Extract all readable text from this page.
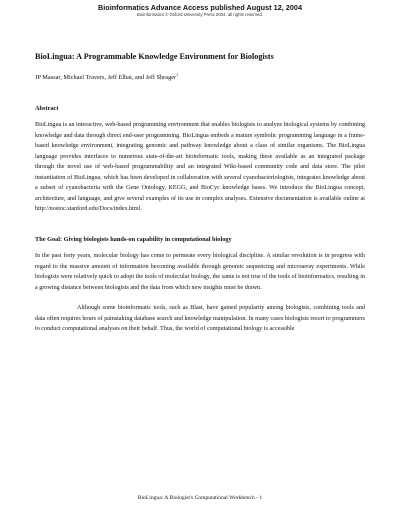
Bioinformatics Advance Access published August 12, 2004
Bioinformatics © Oxford University Press 2004; all rights reserved.
BioLingua: A Programmable Knowledge Environment for Biologists
JP Massar, Michael Travers, Jeff Elhai, and Jeff Shrager$^1$
Abstract

BioLingua is an interactive, web-based programming environment that enables biologists to analyze biological systems by combining knowledge and data through direct end-user programming. BioLingua embeds a mature symbolic programming language in a frame-based knowledge environment, integrating genomic and pathway knowledge about a class of similar organisms. The BioLingua language provides interfaces to numerous state-of-the-art bioinformatic tools, making these available as an integrated package through the novel use of web-based programmability and an integrated Wiki-based community code and data store. The pilot instantiation of BioLingua, which has been developed in collaboration with several cyanobacteriologists, integrates knowledge about a subset of cyanobacteria with the Gene Ontology, KEGG, and BioCyc knowledge bases. We introduce the BioLingua concept, architecture, and language, and give several examples of its use in complex analyses. Extensive documentation is available online at http://nostoc.stanford.edu/Docs/index.html.

The Goal: Giving biologists hands-on capability in computational biology

In the past forty years, molecular biology has come to permeate every biological discipline. A similar revolution is in progress with regard to the massive amount of information becoming available through genomic sequencing and microarray experiments. While biologists were relatively quick to adopt the tools of molecular biology, the same is not true of the tools of bioinformatics, resulting in a growing distance between biologists and the data from which new insights must be drawn.

Although some bioinformatic tools, such as Blast, have gained popularity among biologists, combining tools and data often requires hours of painstaking database search and knowledge manipulation. In many cases biologists resort to programmers to conduct computational analyses on their behalf. Thus, the world of computational biology is accessible

BioLingua: A Biologist's Computational Workbench - 1
